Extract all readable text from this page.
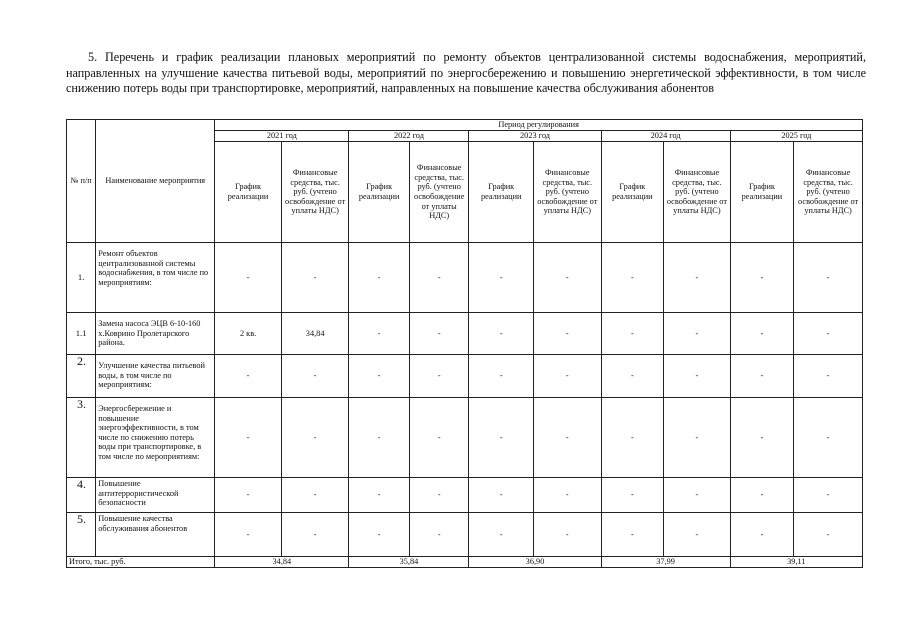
5. Перечень и график реализации плановых мероприятий по ремонту объектов централизованной системы водоснабжения, мероприятий, направленных на улучшение качества питьевой воды, мероприятий по энергосбережению и повышению энергетической эффективности, в том числе снижению потерь воды при транспортировке, мероприятий, направленных на повышение качества обслуживания абонентов
№ п/п	Наименование мероприятия	Период регулирования									
		2021 год		2022 год		2023 год		2024 год		2025 год	
		График реализации	Финансовые средства, тыс. руб. (учтено освобождение от уплаты НДС)	График реализации	Финансовые средства, тыс. руб. (учтено освобождение от уплаты НДС)	График реализации	Финансовые средства, тыс. руб. (учтено освобождение от уплаты НДС)	График реализации	Финансовые средства, тыс. руб. (учтено освобождение от уплаты НДС)	График реализации	Финансовые средства, тыс. руб. (учтено освобождение от уплаты НДС)
1.	Ремонт объектов централизованной системы водоснабжения, в том числе по мероприятиям:	-	-	-	-	-	-	-	-	-	-
1.1	Замена насоса ЭЦВ 6-10-160 х.Коврино Пролетарского района.	2 кв.	34,84	-	-	-	-	-	-	-	-
2.	Улучшение качества питьевой воды, в том числе по мероприятиям:	-	-	-	-	-	-	-	-	-	-
3.	Энергосбережение и повышение энергоэффективности, в том числе по снижению потерь воды при транспортировке, в том числе по мероприятиям:	-	-	-	-	-	-	-	-	-	-
4.	Повышение антитеррористической безопасности	-	-	-	-	-	-	-	-	-	-
5.	Повышение качества обслуживания абонентов	-	-	-	-	-	-	-	-	-	-
Итого, тыс. руб.		34,84		35,84		36,90		37,99		39,11	
